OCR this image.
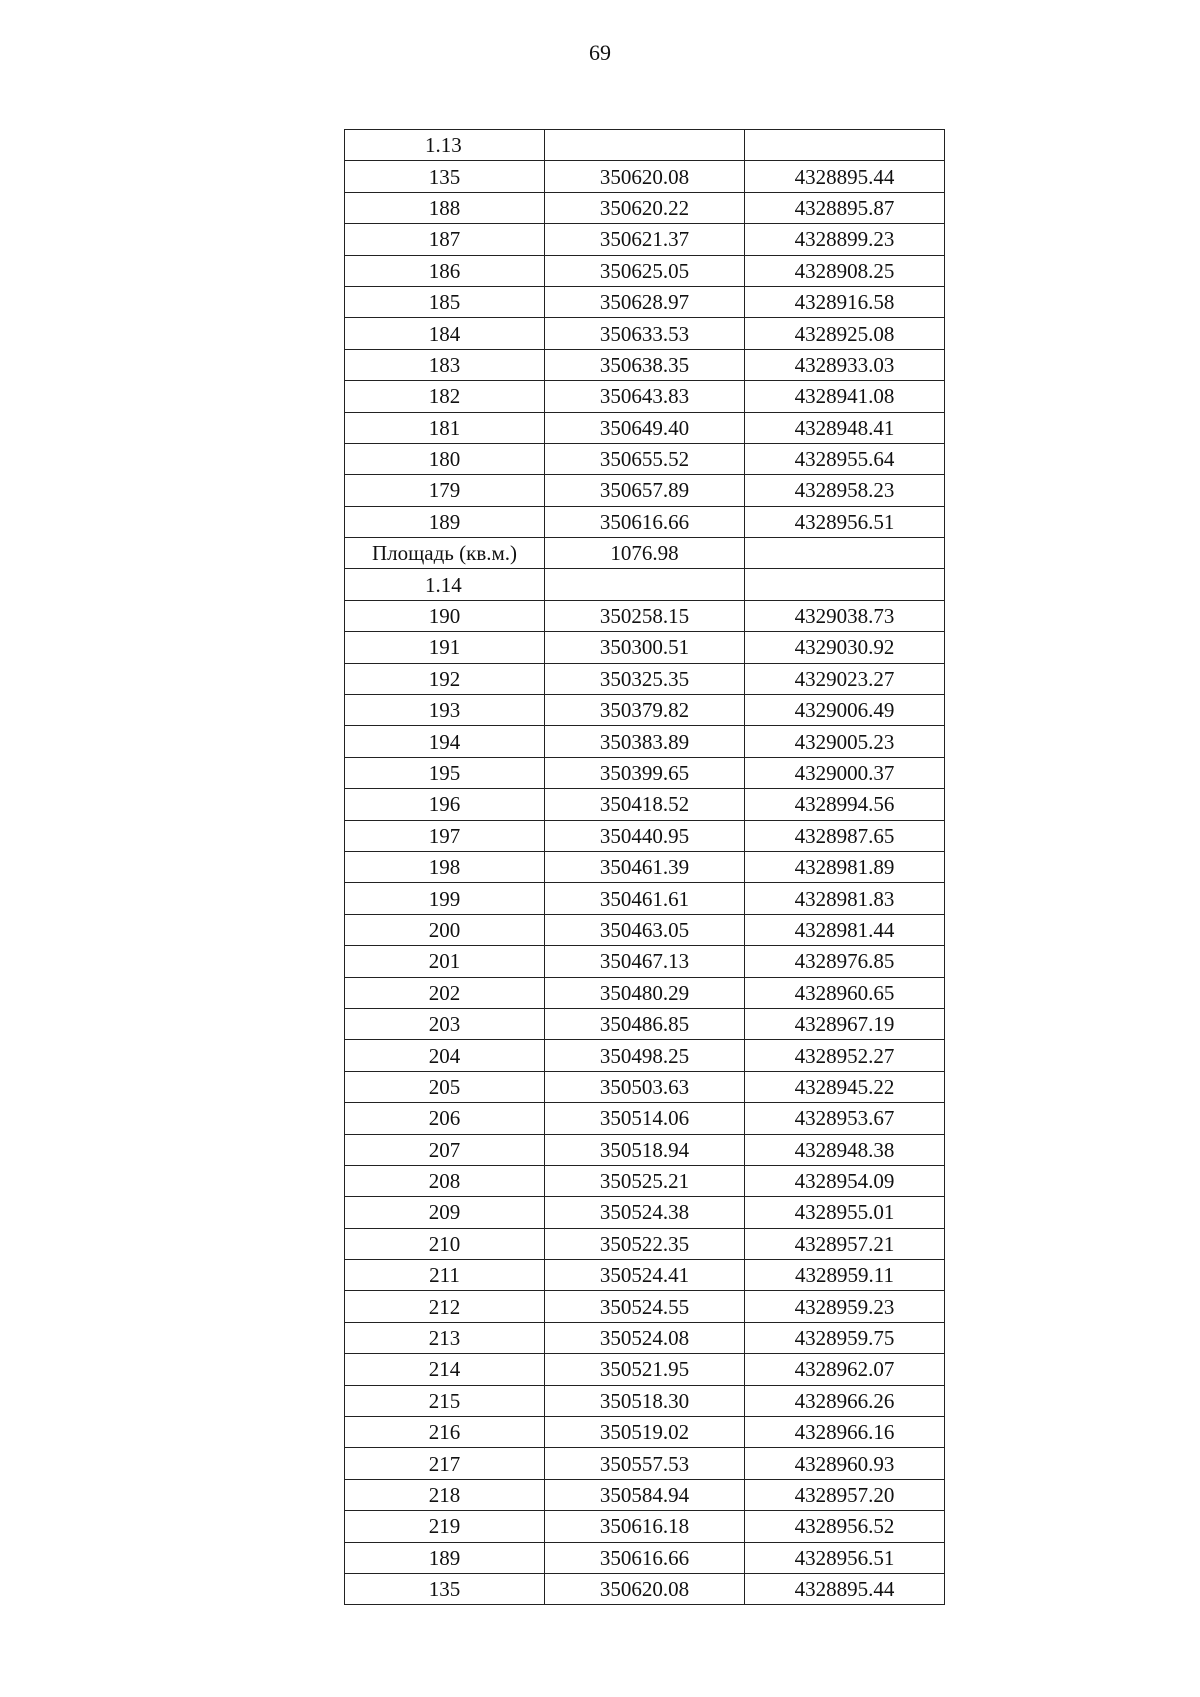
69
1.13		
135	350620.08	4328895.44
188	350620.22	4328895.87
187	350621.37	4328899.23
186	350625.05	4328908.25
185	350628.97	4328916.58
184	350633.53	4328925.08
183	350638.35	4328933.03
182	350643.83	4328941.08
181	350649.40	4328948.41
180	350655.52	4328955.64
179	350657.89	4328958.23
189	350616.66	4328956.51
Площадь (кв.м.)	1076.98	
1.14		
190	350258.15	4329038.73
191	350300.51	4329030.92
192	350325.35	4329023.27
193	350379.82	4329006.49
194	350383.89	4329005.23
195	350399.65	4329000.37
196	350418.52	4328994.56
197	350440.95	4328987.65
198	350461.39	4328981.89
199	350461.61	4328981.83
200	350463.05	4328981.44
201	350467.13	4328976.85
202	350480.29	4328960.65
203	350486.85	4328967.19
204	350498.25	4328952.27
205	350503.63	4328945.22
206	350514.06	4328953.67
207	350518.94	4328948.38
208	350525.21	4328954.09
209	350524.38	4328955.01
210	350522.35	4328957.21
211	350524.41	4328959.11
212	350524.55	4328959.23
213	350524.08	4328959.75
214	350521.95	4328962.07
215	350518.30	4328966.26
216	350519.02	4328966.16
217	350557.53	4328960.93
218	350584.94	4328957.20
219	350616.18	4328956.52
189	350616.66	4328956.51
135	350620.08	4328895.44
